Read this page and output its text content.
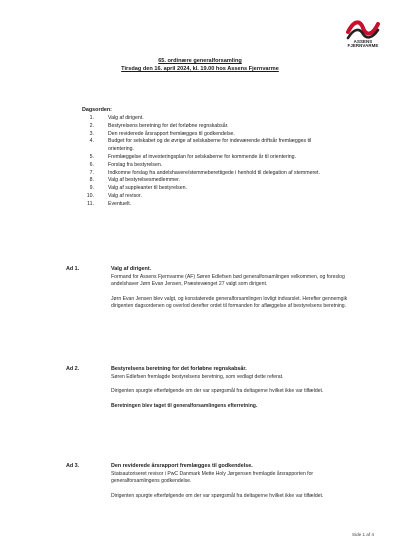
ASSENS
FJERNVARME
65. ordinære generalforsamling
Tirsdag den 16. april 2024, kl. 19.00 hos Assens Fjernvarme
Dagsorden:
1.	Valg af dirigent.
2.	Bestyrelsens beretning for det forløbne regnskabsår.
3.	Den reviderede årsrapport fremlægges til godkendelse.
4.	Budget for selskabet og de øvrige af selskaberne for indeværende driftsår fremlægges til orientering.
5.	Fremlæggelse af investeringsplan for selskaberne for kommende år til orientering.
6.	Forslag fra bestyrelsen.
7.	Indkomne forslag fra andelshavere/stemmeberettigede i henhold til delegation af stemmeret.
8.	Valg af bestyrelsesmedlemmer.
9.	Valg af suppleanter til bestyrelsen.
10.	Valg af revisor.
11.	Eventuelt.
Ad 1.	Valg af dirigent.

Formand for Assens Fjernvarme (AF) Søren Edlefsen bød generalforsamlingen velkommen, og foreslog andelshaver Jørn Evan Jensen, Præstevænget 27 valgt som dirigent.

Jørn Evan Jensen blev valgt, og konstaterede generalforsamlingen lovligt indvarslet. Herefter gennemgik dirigenten dagsordenen og overlod derefter ordet til formanden for aflæggelse af bestyrelsens beretning.

Ad 2.	Bestyrelsens beretning for det forløbne regnskabsår.

Søren Edlefsen fremlagde bestyrelsens beretning, som vedlagt dette referat.

Dirigenten spurgte efterfølgende om der var spørgsmål fra deltagerne hvilket ikke var tilfældet.

Beretningen blev taget til generalforsamlingens efterretning.

Ad 3.	Den reviderede årsrapport fremlægges til godkendelse.

Statsautoriseret revisor i PwC Danmark Mette Holy Jørgensen fremlagde årsrapporten for generalforsamlingens godkendelse.

Dirigenten spurgte efterfølgende om der var spørgsmål fra deltagerne hvilket ikke var tilfældet.

Side 1 af 4
